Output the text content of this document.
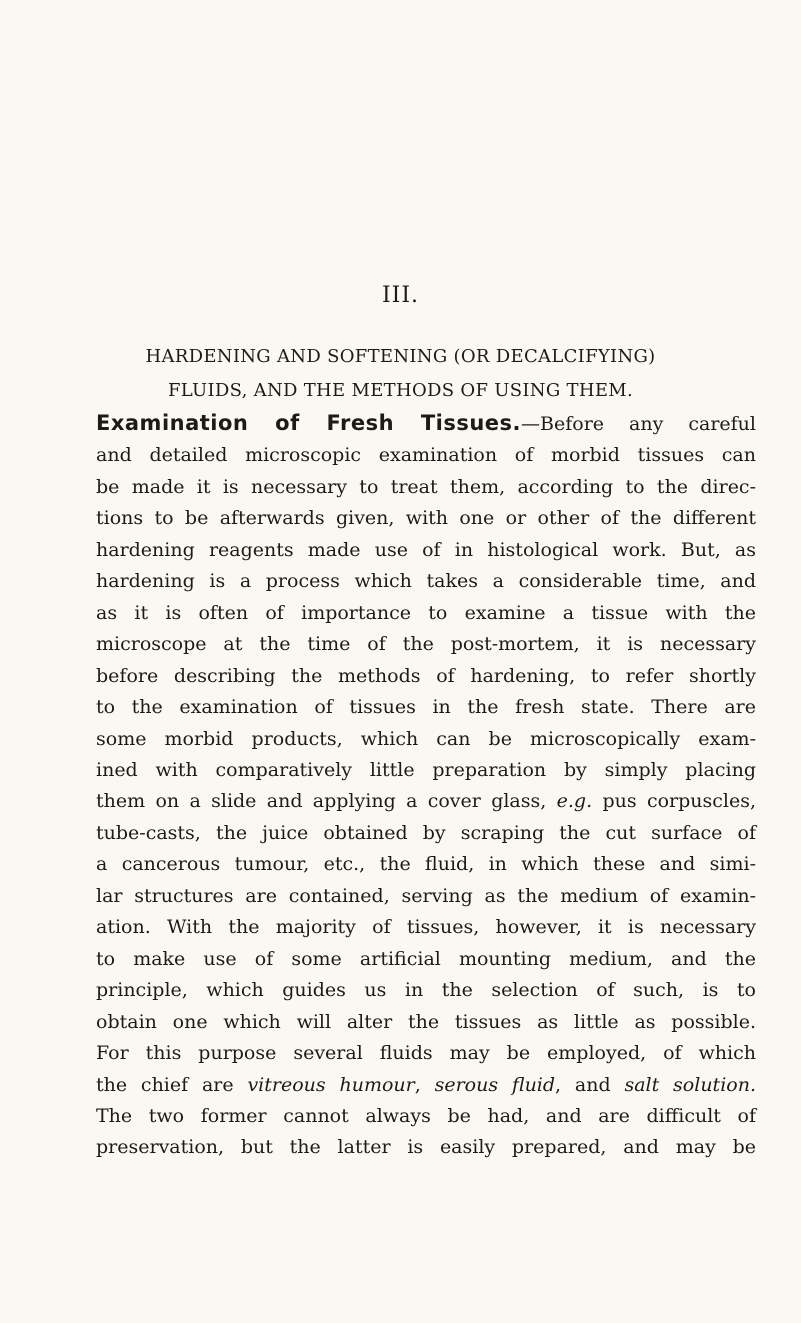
III.
HARDENING AND SOFTENING (OR DECALCIFYING)
FLUIDS, AND THE METHODS OF USING THEM.
Examination of Fresh Tissues.—Before any careful
and detailed microscopic examination of morbid tissues can
be made it is necessary to treat them, according to the direc-
tions to be afterwards given, with one or other of the different
hardening reagents made use of in histological work. But, as
hardening is a process which takes a considerable time, and
as it is often of importance to examine a tissue with the
microscope at the time of the post-mortem, it is necessary
before describing the methods of hardening, to refer shortly
to the examination of tissues in the fresh state. There are
some morbid products, which can be microscopically exam-
ined with comparatively little preparation by simply placing
them on a slide and applying a cover glass, e.g. pus corpuscles,
tube-casts, the juice obtained by scraping the cut surface of
a cancerous tumour, etc., the fluid, in which these and simi-
lar structures are contained, serving as the medium of examin-
ation. With the majority of tissues, however, it is necessary
to make use of some artificial mounting medium, and the
principle, which guides us in the selection of such, is to
obtain one which will alter the tissues as little as possible.
For this purpose several fluids may be employed, of which
the chief are vitreous humour, serous fluid, and salt solution.
The two former cannot always be had, and are difficult of
preservation, but the latter is easily prepared, and may be
